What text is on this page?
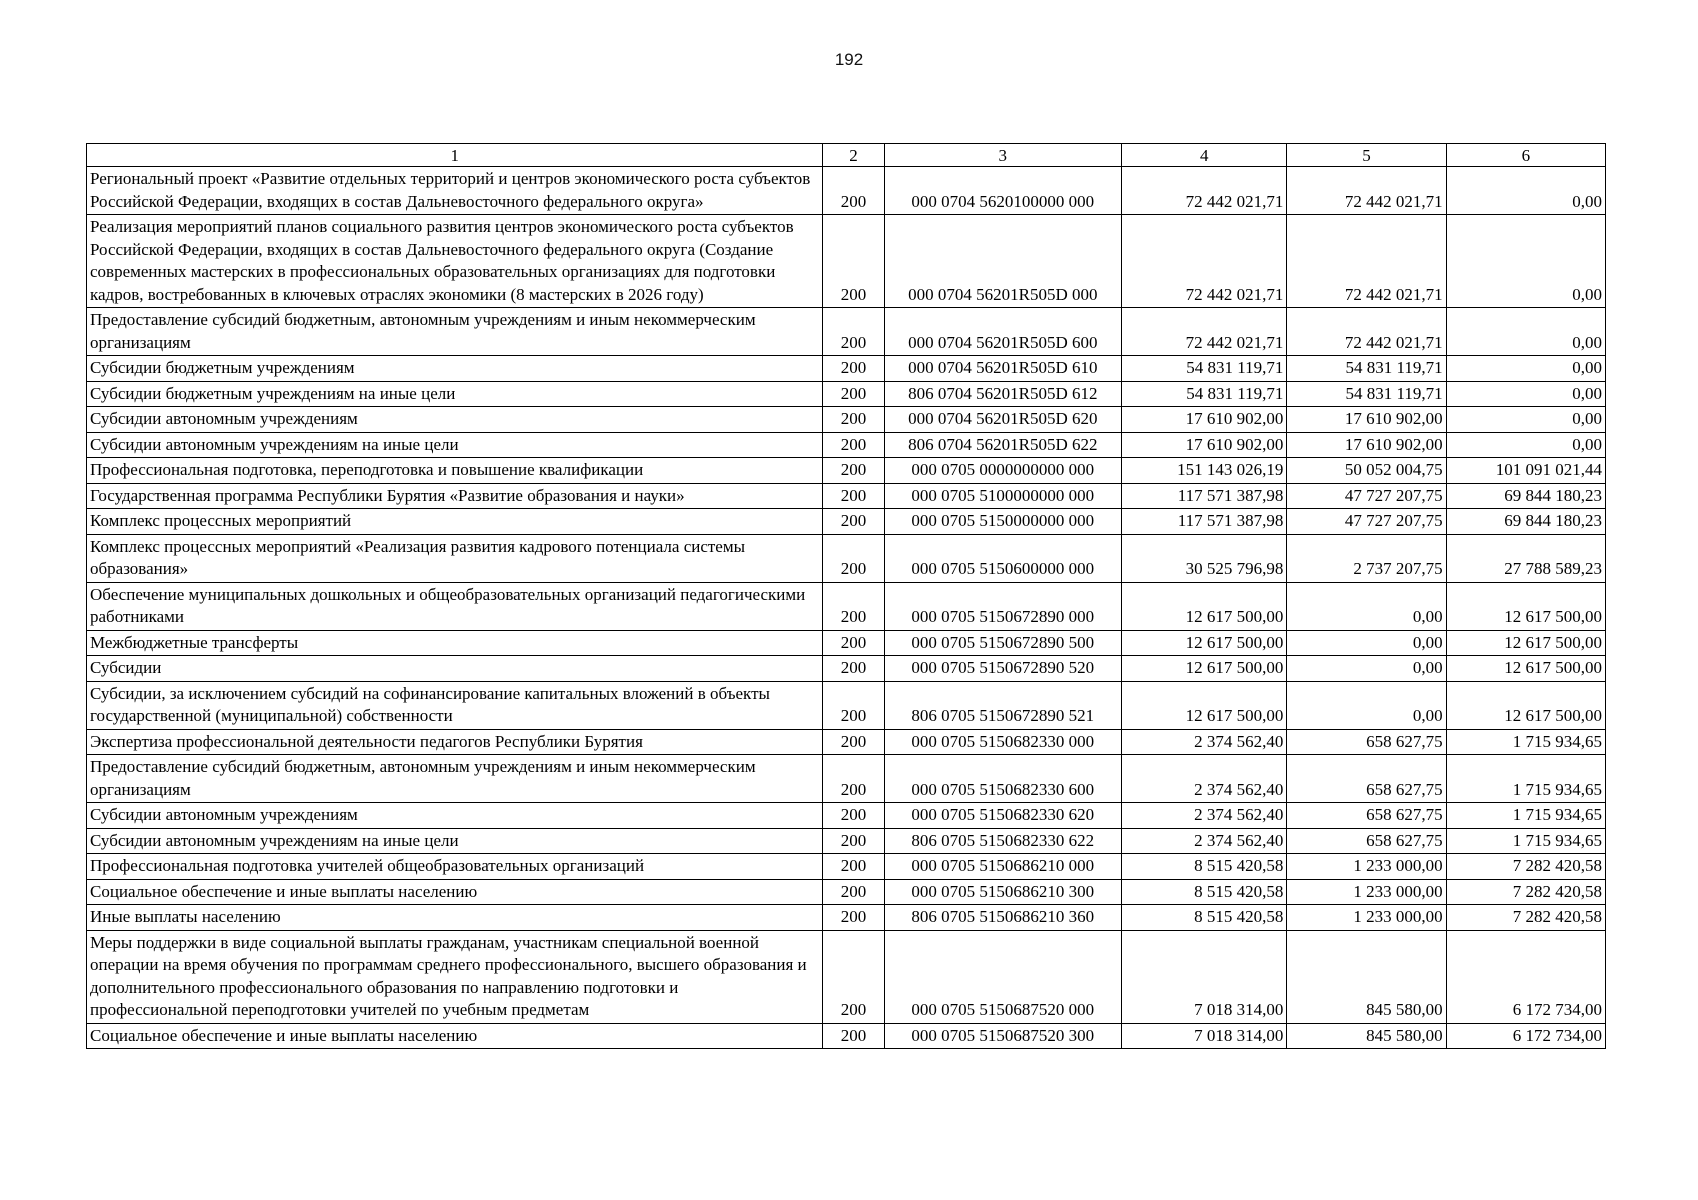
192
1	2	3	4	5	6
Региональный проект «Развитие отдельных территорий и центров экономического роста субъектов Российской Федерации, входящих в состав Дальневосточного федерального округа»	200	000 0704 5620100000 000	72 442 021,71	72 442 021,71	0,00
Реализация мероприятий планов социального развития центров экономического роста субъектов Российской Федерации, входящих в состав Дальневосточного федерального округа (Создание современных мастерских в профессиональных образовательных организациях для подготовки кадров, востребованных в ключевых отраслях экономики (8 мастерских в 2026 году)	200	000 0704 56201R505D 000	72 442 021,71	72 442 021,71	0,00
Предоставление субсидий бюджетным, автономным учреждениям и иным некоммерческим организациям	200	000 0704 56201R505D 600	72 442 021,71	72 442 021,71	0,00
Субсидии бюджетным учреждениям	200	000 0704 56201R505D 610	54 831 119,71	54 831 119,71	0,00
Субсидии бюджетным учреждениям на иные цели	200	806 0704 56201R505D 612	54 831 119,71	54 831 119,71	0,00
Субсидии автономным учреждениям	200	000 0704 56201R505D 620	17 610 902,00	17 610 902,00	0,00
Субсидии автономным учреждениям на иные цели	200	806 0704 56201R505D 622	17 610 902,00	17 610 902,00	0,00
Профессиональная подготовка, переподготовка и повышение квалификации	200	000 0705 0000000000 000	151 143 026,19	50 052 004,75	101 091 021,44
Государственная программа Республики Бурятия «Развитие образования и науки»	200	000 0705 5100000000 000	117 571 387,98	47 727 207,75	69 844 180,23
Комплекс процессных мероприятий	200	000 0705 5150000000 000	117 571 387,98	47 727 207,75	69 844 180,23
Комплекс процессных мероприятий «Реализация развития кадрового потенциала системы образования»	200	000 0705 5150600000 000	30 525 796,98	2 737 207,75	27 788 589,23
Обеспечение муниципальных дошкольных и общеобразовательных организаций педагогическими работниками	200	000 0705 5150672890 000	12 617 500,00	0,00	12 617 500,00
Межбюджетные трансферты	200	000 0705 5150672890 500	12 617 500,00	0,00	12 617 500,00
Субсидии	200	000 0705 5150672890 520	12 617 500,00	0,00	12 617 500,00
Субсидии, за исключением субсидий на софинансирование капитальных вложений в объекты государственной (муниципальной) собственности	200	806 0705 5150672890 521	12 617 500,00	0,00	12 617 500,00
Экспертиза профессиональной деятельности педагогов Республики Бурятия	200	000 0705 5150682330 000	2 374 562,40	658 627,75	1 715 934,65
Предоставление субсидий бюджетным, автономным учреждениям и иным некоммерческим организациям	200	000 0705 5150682330 600	2 374 562,40	658 627,75	1 715 934,65
Субсидии автономным учреждениям	200	000 0705 5150682330 620	2 374 562,40	658 627,75	1 715 934,65
Субсидии автономным учреждениям на иные цели	200	806 0705 5150682330 622	2 374 562,40	658 627,75	1 715 934,65
Профессиональная подготовка учителей общеобразовательных организаций	200	000 0705 5150686210 000	8 515 420,58	1 233 000,00	7 282 420,58
Социальное обеспечение и иные выплаты населению	200	000 0705 5150686210 300	8 515 420,58	1 233 000,00	7 282 420,58
Иные выплаты населению	200	806 0705 5150686210 360	8 515 420,58	1 233 000,00	7 282 420,58
Меры поддержки в виде социальной выплаты гражданам, участникам специальной военной операции на время обучения по программам среднего профессионального, высшего образования и дополнительного профессионального образования по направлению подготовки и профессиональной переподготовки учителей по учебным предметам	200	000 0705 5150687520 000	7 018 314,00	845 580,00	6 172 734,00
Социальное обеспечение и иные выплаты населению	200	000 0705 5150687520 300	7 018 314,00	845 580,00	6 172 734,00
